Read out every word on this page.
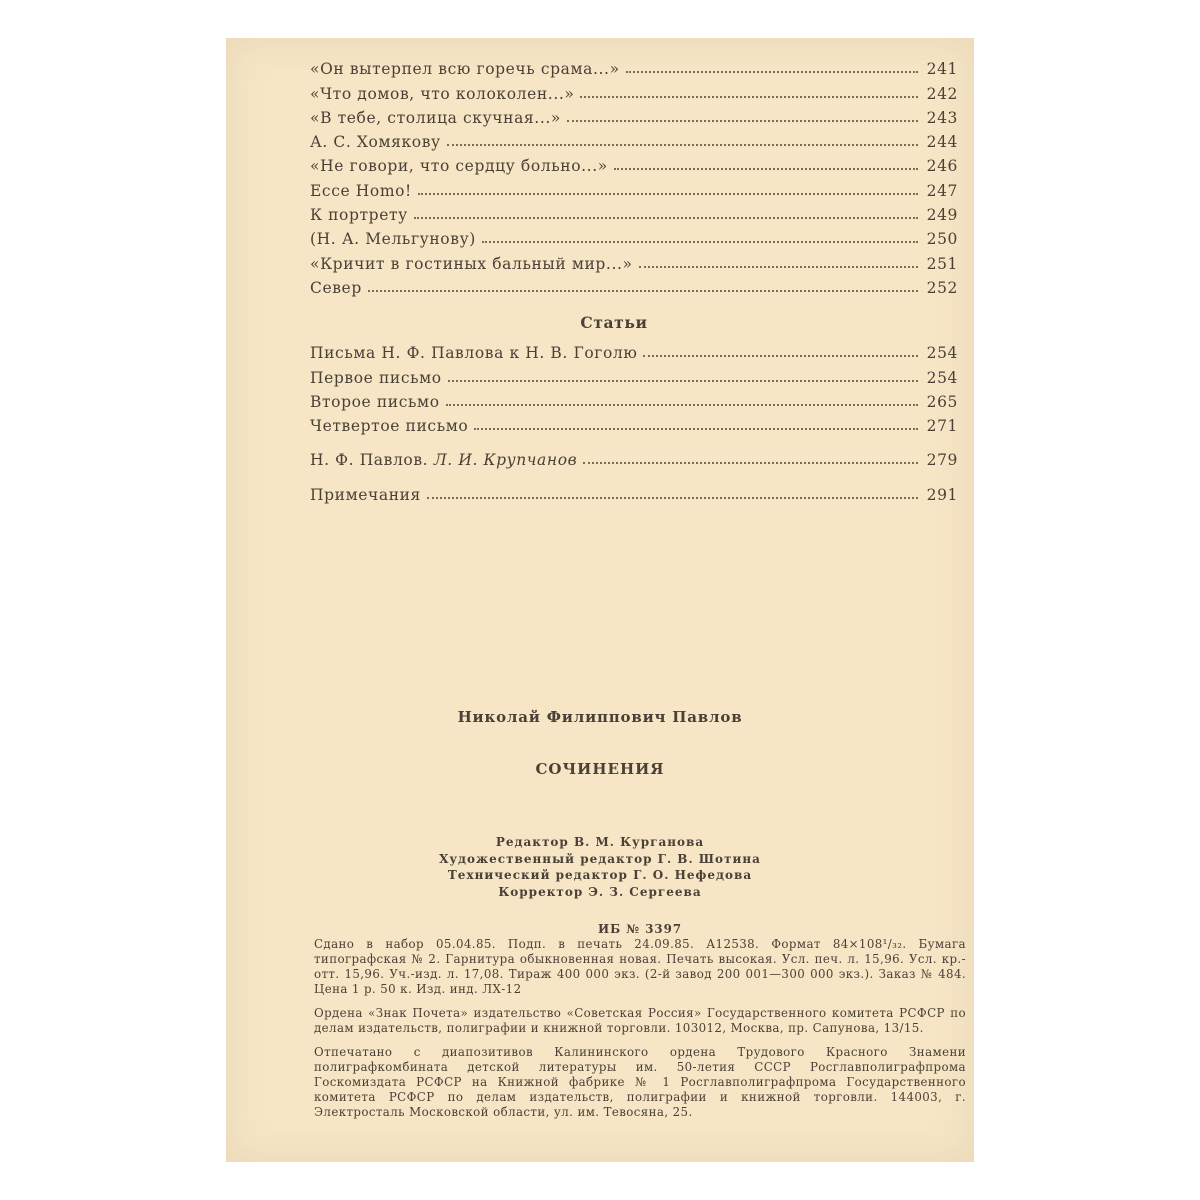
«Он вытерпел всю горечь срама...»	241
«Что домов, что колоколен...»	242
«В тебе, столица скучная...»	243
А. С. Хомякову	244
«Не говори, что сердцу больно...»	246
Ecce Homo!	247
К портрету	249
(Н. А. Мельгунову)	250
«Кричит в гостиных бальный мир...»	251
Север	252
Статьи
Письма Н. Ф. Павлова к Н. В. Гоголю	254
Первое письмо	254
Второе письмо	265
Четвертое письмо	271
Н. Ф. Павлов. Л. И. Крупчанов	279
Примечания	291
Николай Филиппович Павлов
СОЧИНЕНИЯ
Редактор В. М. Курганова
Художественный редактор Г. В. Шотина
Технический редактор Г. О. Нефедова
Корректор Э. З. Сергеева

ИБ № 3397
Сдано в набор 05.04.85. Подп. в печать 24.09.85. А12538. Формат 84×108¹/₃₂. Бумага типографская № 2. Гарнитура обыкновенная новая. Печать высокая. Усл. печ. л. 15,96. Усл. кр.-отт. 15,96. Уч.-изд. л. 17,08. Тираж 400 000 экз. (2-й завод 200 001—300 000 экз.). Заказ № 484. Цена 1 р. 50 к. Изд. инд. ЛХ-12

Ордена «Знак Почета» издательство «Советская Россия» Государственного комитета РСФСР по делам издательств, полиграфии и книжной торговли. 103012, Москва, пр. Сапунова, 13/15.

Отпечатано с диапозитивов Калининского ордена Трудового Красного Знамени полиграфкомбината детской литературы им. 50-летия СССР Росглавполиграфпрома Госкомиздата РСФСР на Книжной фабрике № 1 Росглавполиграфпрома Государственного комитета РСФСР по делам издательств, полиграфии и книжной торговли. 144003, г. Электросталь Московской области, ул. им. Тевосяна, 25.
